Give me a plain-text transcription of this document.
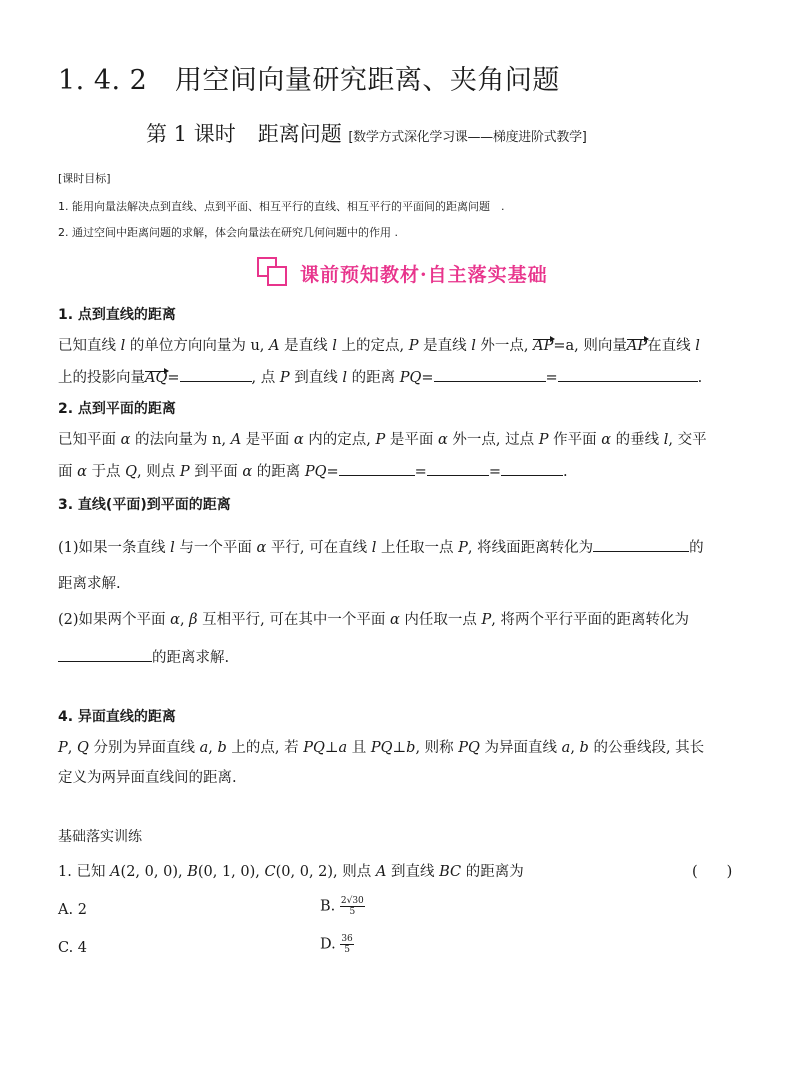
1. 4. 2　用空间向量研究距离、夹角问题
第 1 课时 距离问题 [数学方式深化学习课——梯度进阶式教学]
[课时目标]
1. 能用向量法解决点到直线、点到平面、相互平行的直线、相互平行的平面间的距离问题　.
2. 通过空间中距离问题的求解，体会向量法在研究几何问题中的作用 .
课前预知教材·自主落实基础
1. 点到直线的距离
已知直线 l 的单位方向向量为 u, A 是直线 l 上的定点, P 是直线 l 外一点, AP=a, 则向量AP在直线 l
上的投影向量AQ=	, 点 P 到直线 l 的距离 PQ=	=	.
2. 点到平面的距离
已知平面 α 的法向量为 n, A 是平面 α 内的定点, P 是平面 α 外一点, 过点 P 作平面 α 的垂线 l, 交平
面 α 于点 Q, 则点 P 到平面 α 的距离 PQ=	=	=	.
3. 直线(平面)到平面的距离
(1)如果一条直线 l 与一个平面 α 平行, 可在直线 l 上任取一点 P, 将线面距离转化为	的
距离求解.
(2)如果两个平面 α, β 互相平行, 可在其中一个平面 α 内任取一点 P, 将两个平行平面的距离转化为
的距离求解.
4. 异面直线的距离
P, Q 分别为异面直线 a, b 上的点, 若 PQ⊥a 且 PQ⊥b, 则称 PQ 为异面直线 a, b 的公垂线段, 其长
定义为两异面直线间的距离.
基础落实训练
1. 已知 A(2, 0, 0), B(0, 1, 0), C(0, 0, 2), 则点 A 到直线 BC 的距离为	(　　)
A. 2	B. $\frac{2√30}{5}$
C. 4	D. $\frac{36}{5}$
